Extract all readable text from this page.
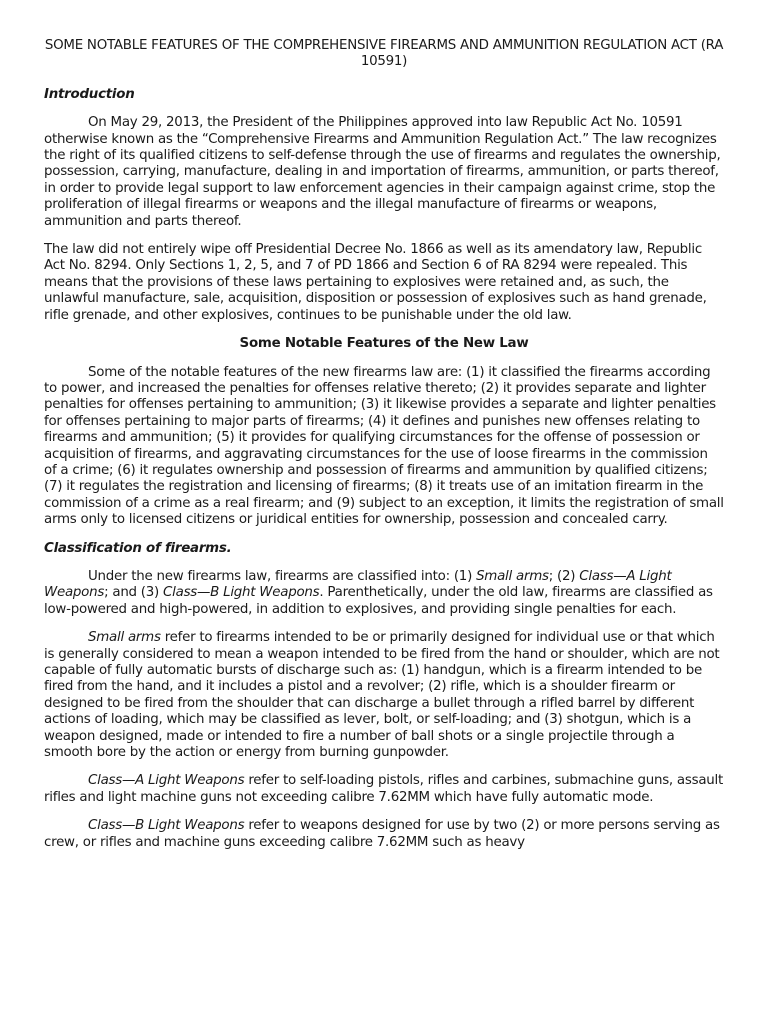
SOME NOTABLE FEATURES OF THE COMPREHENSIVE FIREARMS AND AMMUNITION REGULATION ACT (RA 10591)
Introduction

On May 29, 2013, the President of the Philippines approved into law Republic Act No. 10591 otherwise known as the “Comprehensive Firearms and Ammunition Regulation Act.” The law recognizes the right of its qualified citizens to self-defense through the use of firearms and regulates the ownership, possession, carrying, manufacture, dealing in and importation of firearms, ammunition, or parts thereof, in order to provide legal support to law enforcement agencies in their campaign against crime, stop the proliferation of illegal firearms or weapons and the illegal manufacture of firearms or weapons, ammunition and parts thereof.

The law did not entirely wipe off Presidential Decree No. 1866 as well as its amendatory law, Republic Act No. 8294. Only Sections 1, 2, 5, and 7 of PD 1866 and Section 6 of RA 8294 were repealed. This means that the provisions of these laws pertaining to explosives were retained and, as such, the unlawful manufacture, sale, acquisition, disposition or possession of explosives such as hand grenade, rifle grenade, and other explosives, continues to be punishable under the old law.

Some Notable Features of the New Law

Some of the notable features of the new firearms law are: (1) it classified the firearms according to power, and increased the penalties for offenses relative thereto; (2) it provides separate and lighter penalties for offenses pertaining to ammunition; (3) it likewise provides a separate and lighter penalties for offenses pertaining to major parts of firearms; (4) it defines and punishes new offenses relating to firearms and ammunition; (5) it provides for qualifying circumstances for the offense of possession or acquisition of firearms, and aggravating circumstances for the use of loose firearms in the commission of a crime; (6) it regulates ownership and possession of firearms and ammunition by qualified citizens; (7) it regulates the registration and licensing of firearms; (8) it treats use of an imitation firearm in the commission of a crime as a real firearm; and (9) subject to an exception, it limits the registration of small arms only to licensed citizens or juridical entities for ownership, possession and concealed carry.

Classification of firearms.

Under the new firearms law, firearms are classified into: (1) Small arms; (2) Class—A Light Weapons; and (3) Class—B Light Weapons. Parenthetically, under the old law, firearms are classified as low-powered and high-powered, in addition to explosives, and providing single penalties for each.

Small arms refer to firearms intended to be or primarily designed for individual use or that which is generally considered to mean a weapon intended to be fired from the hand or shoulder, which are not capable of fully automatic bursts of discharge such as: (1) handgun, which is a firearm intended to be fired from the hand, and it includes a pistol and a revolver; (2) rifle, which is a shoulder firearm or designed to be fired from the shoulder that can discharge a bullet through a rifled barrel by different actions of loading, which may be classified as lever, bolt, or self-loading; and (3) shotgun, which is a weapon designed, made or intended to fire a number of ball shots or a single projectile through a smooth bore by the action or energy from burning gunpowder.

Class—A Light Weapons refer to self-loading pistols, rifles and carbines, submachine guns, assault rifles and light machine guns not exceeding calibre 7.62MM which have fully automatic mode.

Class—B Light Weapons refer to weapons designed for use by two (2) or more persons serving as crew, or rifles and machine guns exceeding calibre 7.62MM such as heavy
